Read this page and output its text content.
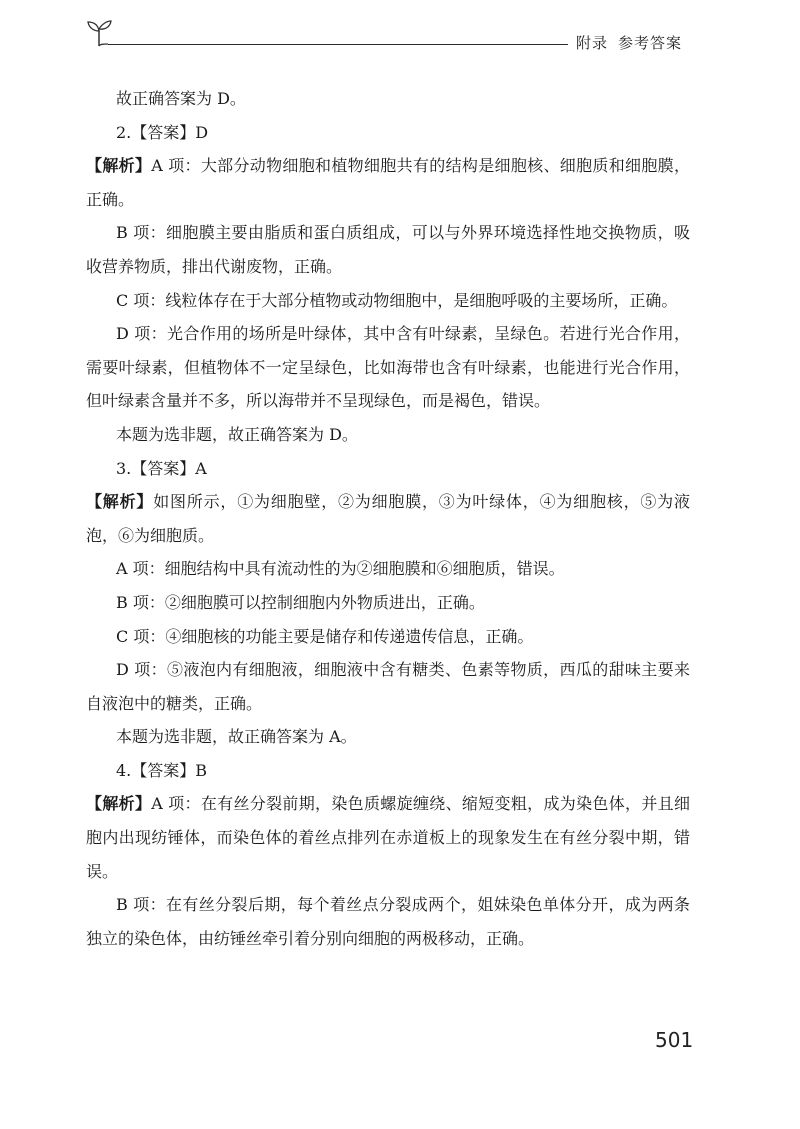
附录 参考答案

故正确答案为 D。

2.【答案】D

【解析】A 项：大部分动物细胞和植物细胞共有的结构是细胞核、细胞质和细胞膜，正确。

B 项：细胞膜主要由脂质和蛋白质组成，可以与外界环境选择性地交换物质，吸收营养物质，排出代谢废物，正确。

C 项：线粒体存在于大部分植物或动物细胞中，是细胞呼吸的主要场所，正确。

D 项：光合作用的场所是叶绿体，其中含有叶绿素，呈绿色。若进行光合作用，需要叶绿素，但植物体不一定呈绿色，比如海带也含有叶绿素，也能进行光合作用，但叶绿素含量并不多，所以海带并不呈现绿色，而是褐色，错误。

本题为选非题，故正确答案为 D。

3.【答案】A

【解析】如图所示，①为细胞壁，②为细胞膜，③为叶绿体，④为细胞核，⑤为液泡，⑥为细胞质。

A 项：细胞结构中具有流动性的为②细胞膜和⑥细胞质，错误。

B 项：②细胞膜可以控制细胞内外物质进出，正确。

C 项：④细胞核的功能主要是储存和传递遗传信息，正确。

D 项：⑤液泡内有细胞液，细胞液中含有糖类、色素等物质，西瓜的甜味主要来自液泡中的糖类，正确。

本题为选非题，故正确答案为 A。

4.【答案】B

【解析】A 项：在有丝分裂前期，染色质螺旋缠绕、缩短变粗，成为染色体，并且细胞内出现纺锤体，而染色体的着丝点排列在赤道板上的现象发生在有丝分裂中期，错误。

B 项：在有丝分裂后期，每个着丝点分裂成两个，姐妹染色单体分开，成为两条独立的染色体，由纺锤丝牵引着分别向细胞的两极移动，正确。

501
